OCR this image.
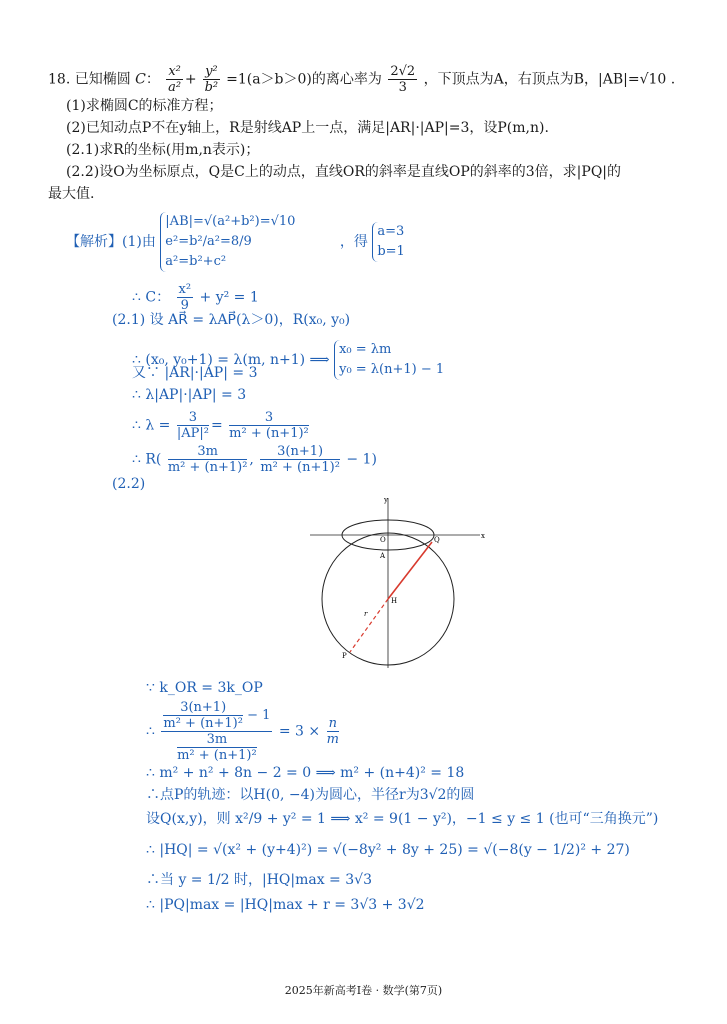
18. 已知椭圆 C： $\frac{\text{x²}}{\text{a²}} + \frac{\text{y²}}{\text{b²}} =1(a>b>0)$的离心率为 $\frac{2√2}{3}$ ，下顶点为A，右顶点为B，|AB|=√10 .
(1)求椭圆C的标准方程；
(2)已知动点P不在y轴上，R是射线AP上一点，满足|AR|·|AP|=3，设P(m,n).
(2.1)求R的坐标(用m,n表示)；
(2.2)设O为坐标原点，Q是C上的动点，直线OR的斜率是直线OP的斜率的3倍，求|PQ|的
最大值.
【解析】(1)由
|AB|=√(a²+b²)=√10
e²=b²/a²=8/9
a²=b²+c²
，得
a=3
b=1
∴ C： $\frac{\text{x²}}{9} + y^2 = 1$
(2.1) 设 AR⃗ = λAP⃗(λ＞0)，R(x₀, y₀)
∴ (x₀, y₀+1) = λ(m, n+1) ⟹
x₀ = λm
y₀ = λ(n+1) − 1
又∵ |AR|·|AP| = 3
∴ λ|AP|·|AP| = 3
∴ $\lambda = \frac{3}{\text{|AP|²}} = \frac{3}{\text{m² + (n+1)²}}$
∴ $R( \frac{3m}{\text{m² + (n+1)²}}$ , $\frac{3(n+1)}{\text{m² + (n+1)²}} - 1$)
(2.2)
y
x
O
A
Q
H
P
r
∵ k_OR = 3k_OP
∴ $\frac{\frac{3(n+1)}{\text{m² + (n+1)²}} - 1}{\frac{3m}{\text{m² + (n+1)²}}} = 3 \times \frac{n}{m}$
∴ m² + n² + 8n − 2 = 0 ⟹ m² + (n+4)² = 18
∴点P的轨迹：以H(0, −4)为圆心，半径r为3√2的圆
设Q(x,y)，则 x²/9 + y² = 1 ⟹ x² = 9(1 − y²)，−1 ≤ y ≤ 1 (也可“三角换元”)
∴ |HQ| = √(x² + (y+4)²) = √(−8y² + 8y + 25) = √(−8(y − 1/2)² + 27)
∴当 y = 1/2 时，|HQ|max = 3√3
∴ |PQ|max = |HQ|max + r = 3√3 + 3√2
2025年新高考Ⅰ卷 · 数学(第7页)
